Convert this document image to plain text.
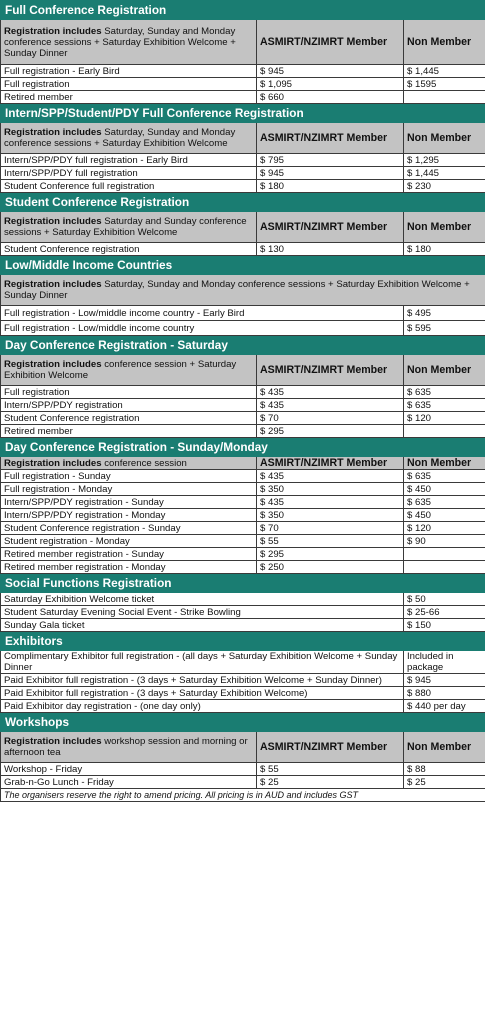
Full Conference Registration		
Registration includes Saturday, Sunday and Monday conference sessions + Saturday Exhibition Welcome + Sunday Dinner	ASMIRT/NZIMRT Member	Non Member
Full registration - Early Bird	$ 945	$ 1,445
Full registration	$ 1,095	$ 1595
Retired member	$ 660	
Intern/SPP/Student/PDY Full Conference Registration		
Registration includes Saturday, Sunday and Monday conference sessions + Saturday Exhibition Welcome	ASMIRT/NZIMRT Member	Non Member
Intern/SPP/PDY full registration - Early Bird	$ 795	$ 1,295
Intern/SPP/PDY full registration	$ 945	$ 1,445
Student Conference full registration	$ 180	$ 230
Student Conference Registration		
Registration includes Saturday and Sunday conference sessions + Saturday Exhibition Welcome	ASMIRT/NZIMRT Member	Non Member
Student Conference registration	$ 130	$ 180
Low/Middle Income Countries		
Registration includes Saturday, Sunday and Monday conference sessions + Saturday Exhibition Welcome + Sunday Dinner		
Full registration - Low/middle income country - Early Bird		$ 495
Full registration - Low/middle income country		$ 595
Day Conference Registration - Saturday		
Registration includes conference session + Saturday Exhibition Welcome	ASMIRT/NZIMRT Member	Non Member
Full registration	$ 435	$ 635
Intern/SPP/PDY registration	$ 435	$ 635
Student Conference registration	$ 70	$ 120
Retired member	$ 295	
Day Conference Registration - Sunday/Monday		
Registration includes conference session	ASMIRT/NZIMRT Member	Non Member
Full registration - Sunday	$ 435	$ 635
Full registration - Monday	$ 350	$ 450
Intern/SPP/PDY registration - Sunday	$ 435	$ 635
Intern/SPP/PDY registration - Monday	$ 350	$ 450
Student Conference registration - Sunday	$ 70	$ 120
Student registration - Monday	$ 55	$ 90
Retired member registration - Sunday	$ 295	
Retired member registration - Monday	$ 250	
Social Functions Registration		
Saturday Exhibition Welcome ticket		$ 50
Student Saturday Evening Social Event - Strike Bowling		$ 25-66
Sunday Gala ticket		$ 150
Exhibitors		
Complimentary Exhibitor full registration - (all days + Saturday Exhibition Welcome + Sunday Dinner		Included in package
Paid Exhibitor full registration - (3 days + Saturday Exhibition Welcome + Sunday Dinner)		$ 945
Paid Exhibitor full registration - (3 days + Saturday Exhibition Welcome)		$ 880
Paid Exhibitor day registration - (one day only)		$ 440 per day
Workshops		
Registration includes workshop session and morning or afternoon tea	ASMIRT/NZIMRT Member	Non Member
Workshop - Friday	$ 55	$ 88
Grab-n-Go Lunch - Friday	$ 25	$ 25
The organisers reserve the right to amend pricing. All pricing is in AUD and includes GST		
